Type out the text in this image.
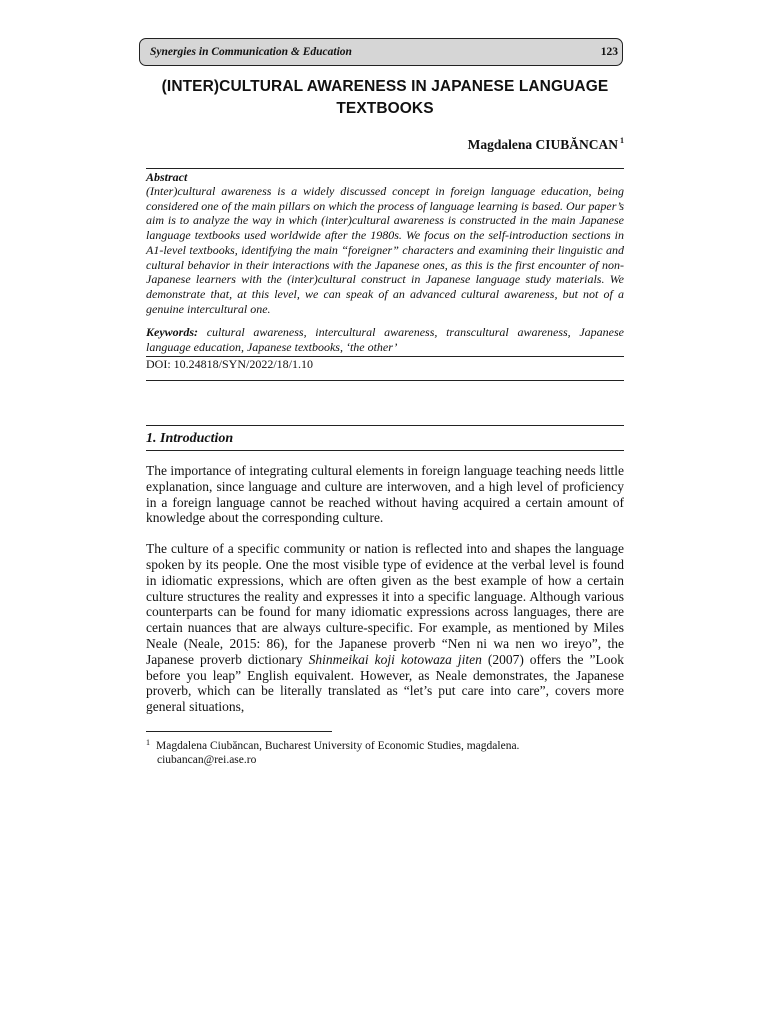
Synergies in Communication & Education	123
(INTER)CULTURAL AWARENESS IN JAPANESE LANGUAGE
TEXTBOOKS
Magdalena CIUBĂNCAN $^1$

Abstract

(Inter)cultural awareness is a widely discussed concept in foreign language education, being considered one of the main pillars on which the process of language learning is based. Our paper’s aim is to analyze the way in which (inter)cultural awareness is constructed in the main Japanese language textbooks used worldwide after the 1980s. We focus on the self-introduction sections in A1-level textbooks, identifying the main “foreigner” characters and examining their linguistic and cultural behavior in their interactions with the Japanese ones, as this is the first encounter of non-Japanese learners with the (inter)cultural construct in Japanese language study materials. We demonstrate that, at this level, we can speak of an advanced cultural awareness, but not of a genuine intercultural one.

Keywords: cultural awareness, intercultural awareness, transcultural awareness, Japanese language education, Japanese textbooks, ‘the other’

DOI: 10.24818/SYN/2022/18/1.10

1. Introduction

The importance of integrating cultural elements in foreign language teaching needs little explanation, since language and culture are interwoven, and a high level of proficiency in a foreign language cannot be reached without having acquired a certain amount of knowledge about the corresponding culture.

The culture of a specific community or nation is reflected into and shapes the language spoken by its people. One the most visible type of evidence at the verbal level is found in idiomatic expressions, which are often given as the best example of how a certain culture structures the reality and expresses it into a specific language. Although various counterparts can be found for many idiomatic expressions across languages, there are certain nuances that are always culture-specific. For example, as mentioned by Miles Neale (Neale, 2015: 86), for the Japanese proverb “Nen ni wa nen wo ireyo”, the Japanese proverb dictionary Shinmeikai koji kotowaza jiten (2007) offers the ”Look before you leap” English equivalent. However, as Neale demonstrates, the Japanese proverb, which can be literally translated as “let’s put care into care”, covers more general situations,

$^1$ Magdalena Ciubăncan, Bucharest University of Economic Studies, magdalena.
ciubancan@rei.ase.ro
